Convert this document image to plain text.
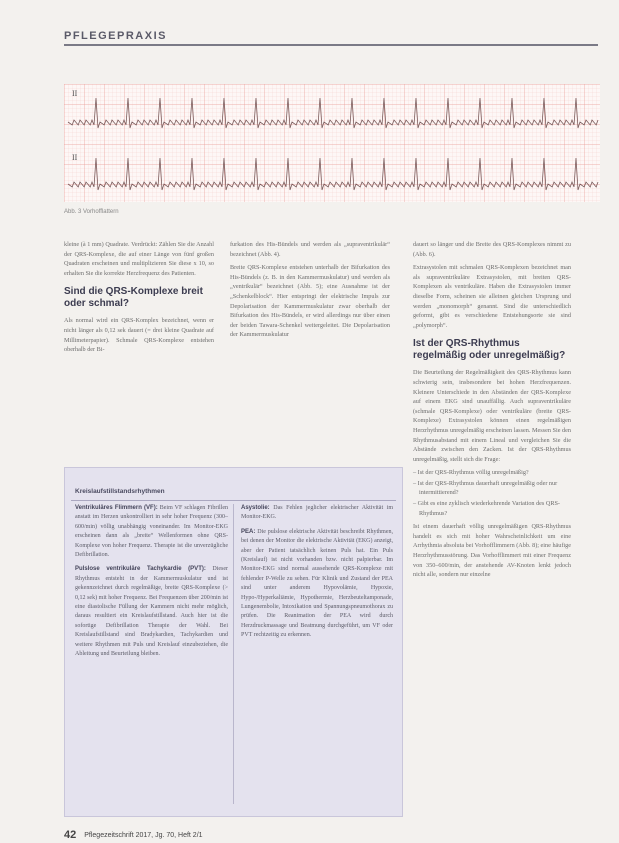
PFLEGEPRAXIS
II
II
Abb. 3 Vorhofflattern

kleine (à 1 mm) Quadrate. Verdrückt: Zählen Sie die Anzahl der QRS-Komplexe, die auf einer Länge von fünf großen Quadraten erscheinen und multiplizieren Sie diese x 10, so erhalten Sie die korrekte Herzfrequenz des Patienten.

Sind die QRS-Komplexe breit oder schmal?

Als normal wird ein QRS-Komplex bezeichnet, wenn er nicht länger als 0,12 sek dauert (= drei kleine Quadrate auf Millimeterpapier). Schmale QRS-Komplexe entstehen oberhalb der Bi-

furkation des His-Bündels und werden als „supraventrikulär“ bezeichnet (Abb. 4).

Breite QRS-Komplexe entstehen unterhalb der Bifurkation des His-Bündels (z. B. in den Kammermuskulatur) und werden als „ventrikulär“ bezeichnet (Abb. 5); eine Ausnahme ist der „Schenkelblock“. Hier entspringt der elektrische Impuls zur Depolarisation der Kammermuskulatur zwar oberhalb der Bifurkation des His-Bündels, er wird allerdings nur über einen der beiden Tawara-Schenkel weitergeleitet. Die Depolarisation der Kammermuskulatur

dauert so länger und die Breite des QRS-Komplexes nimmt zu (Abb. 6).

Extrasystolen mit schmalen QRS-Komplexen bezeichnet man als supraventrikuläre Extrasystolen, mit breiten QRS-Komplexen als ventrikuläre. Haben die Extrasystolen immer dieselbe Form, scheinen sie alleinen gleichen Ursprung und werden „monomorph“ genannt. Sind die unterschiedlich geformt, gibt es verschiedene Entstehungsorte sie sind „polymorph“.

Ist der QRS-Rhythmus regelmäßig oder unregelmäßig?

Die Beurteilung der Regelmäßigkeit des QRS-Rhythmus kann schwierig sein, insbesondere bei hohen Herzfrequenzen. Kleinere Unterschiede in den Abständen der QRS-Komplexe auf einem EKG sind unauffällig. Auch supraventrikuläre (schmale QRS-Komplexe) oder ventrikuläre (breite QRS-Komplexe) Extrasystolen können einen regelmäßigen Herzrhythmus unregelmäßig erscheinen lassen. Messen Sie den Rhythmusabstand mit einem Lineal und vergleichen Sie die Abstände zwischen den Zacken. Ist der QRS-Rhythmus unregelmäßig, stellt sich die Frage:

– Ist der QRS-Rhythmus völlig unregelmäßig?
– Ist der QRS-Rhythmus dauerhaft unregelmäßig oder nur intermittierend?
– Gibt es eine zyklisch wiederkehrende Variation des QRS-Rhythmus?

Ist einem dauerhaft völlig unregelmäßigen QRS-Rhythmus handelt es sich mit hoher Wahrscheinlichkeit um eine Arrhythmia absoluta bei Vorhofflimmern (Abb. 8); eine häufige Herzrhythmusstörung. Das Vorhofflimmert mit einer Frequenz von 350–600/min, der anstehende AV-Knoten lenkt jedoch nicht alle, sondern nur einzelne

Kreislaufstillstandsrhythmen

Ventrikuläres Flimmern (VF): Beim VF schlagen Fibrillen anstatt im Herzen unkontrolliert in sehr hoher Frequenz (300–600/min) völlig unabhängig voneinander. Im Monitor-EKG erscheinen dann als „breite“ Wellenformen ohne QRS-Komplexe von hoher Frequenz. Therapie ist die unverzügliche Defibrillation.

Pulslose ventrikuläre Tachykardie (PVT): Dieser Rhythmus entsteht in der Kammermuskulatur und ist gekennzeichnet durch regelmäßige, breite QRS-Komplexe (> 0,12 sek) mit hoher Frequenz. Bei Frequenzen über 200/min ist eine diastolische Füllung der Kammern nicht mehr möglich, daraus resultiert ein Kreislaufstillstand. Auch hier ist die sofortige Defibrillation Therapie der Wahl. Bei Kreislaufstillstand sind Bradykardien, Tachykardien und weitere Rhythmen mit Puls und Kreislauf einzubeziehen, die Ableitung und Beurteilung bleiben.

Asystolie: Das Fehlen jeglicher elektrischer Aktivität im Monitor-EKG.

PEA: Die pulslose elektrische Aktivität beschreibt Rhythmen, bei denen der Monitor die elektrische Aktivität (EKG) anzeigt, aber der Patient tatsächlich keinen Puls hat. Ein Puls (Kreislauf) ist nicht vorhanden bzw. nicht palpierbar. Im Monitor-EKG sind normal aussehende QRS-Komplexe mit fehlender P-Welle zu sehen. Für Klinik und Zustand der PEA sind unter anderem Hypovolämie, Hypoxie, Hypo-/Hyperkaliämie, Hypothermie, Herzbeuteltamponade, Lungenembolie, Intoxikation und Spannungspneumothorax zu prüfen. Die Reanimation der PEA wird durch Herzdruckmassage und Beatmung durchgeführt, um VF oder PVT rechtzeitig zu erkennen.

42 Pflegezeitschrift 2017, Jg. 70, Heft 2/1
